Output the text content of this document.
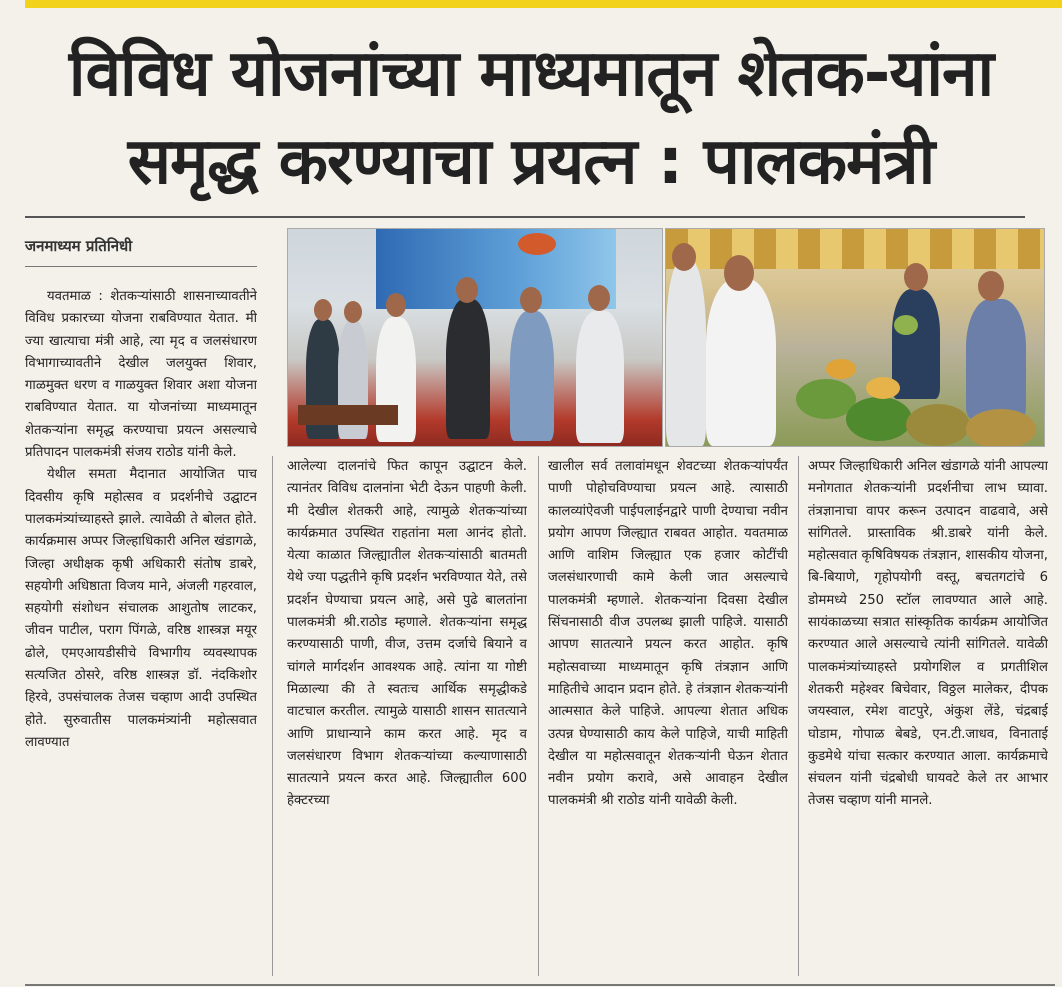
विविध योजनांच्या माध्यमातून शेतक-यांना
समृद्ध करण्याचा प्रयत्न : पालकमंत्री
जनमाध्यम प्रतिनिधी

यवतमाळ : शेतकऱ्यांसाठी शासनाच्यावतीने विविध प्रकारच्या योजना राबविण्यात येतात. मी ज्या खात्याचा मंत्री आहे, त्या मृद व जलसंधारण विभागाच्यावतीने देखील जलयुक्त शिवार, गाळमुक्त धरण व गाळयुक्त शिवार अशा योजना राबविण्यात येतात. या योजनांच्या माध्यमातून शेतकऱ्यांना समृद्ध करण्याचा प्रयत्न असल्याचे प्रतिपादन पालकमंत्री संजय राठोड यांनी केले.

येथील समता मैदानात आयोजित पाच दिवसीय कृषि महोत्सव व प्रदर्शनीचे उद्घाटन पालकमंत्र्यांच्याहस्ते झाले. त्यावेळी ते बोलत होते. कार्यक्रमास अप्पर जिल्हाधिकारी अनिल खंडागळे, जिल्हा अधीक्षक कृषी अधिकारी संतोष डाबरे, सहयोगी अधिष्ठाता विजय माने, अंजली गहरवाल, सहयोगी संशोधन संचालक आशुतोष लाटकर, जीवन पाटील, पराग पिंगळे, वरिष्ठ शास्त्रज्ञ मयूर ढोले, एमएआयडीसीचे विभागीय व्यवस्थापक सत्यजित ठोसरे, वरिष्ठ शास्त्रज्ञ डॉ. नंदकिशोर हिरवे, उपसंचालक तेजस चव्हाण आदी उपस्थित होते. सुरुवातीस पालकमंत्र्यांनी महोत्सवात लावण्यात

आलेल्या दालनांचे फित कापून उद्घाटन केले. त्यानंतर विविध दालनांना भेटी देऊन पाहणी केली. मी देखील शेतकरी आहे, त्यामुळे शेतकऱ्यांच्या कार्यक्रमात उपस्थित राहतांना मला आनंद होतो. येत्या काळात जिल्ह्यातील शेतकऱ्यांसाठी बातमती येथे ज्या पद्धतीने कृषि प्रदर्शन भरविण्यात येते, तसे प्रदर्शन घेण्याचा प्रयत्न आहे, असे पुढे बालतांना पालकमंत्री श्री.राठोड म्हणाले. शेतकऱ्यांना समृद्ध करण्यासाठी पाणी, वीज, उत्तम दर्जाचे बियाने व चांगले मार्गदर्शन आवश्यक आहे. त्यांना या गोष्टी मिळाल्या की ते स्वतःच आर्थिक समृद्धीकडे वाटचाल करतील. त्यामुळे यासाठी शासन सातत्याने आणि प्राधान्याने काम करत आहे. मृद व जलसंधारण विभाग शेतकऱ्यांच्या कल्याणासाठी सातत्याने प्रयत्न करत आहे. जिल्ह्यातील 600 हेक्टरच्या

खालील सर्व तलावांमधून शेवटच्या शेतकऱ्यांपर्यंत पाणी पोहोचविण्याचा प्रयत्न आहे. त्यासाठी कालव्यांऐवजी पाईपलाईनद्वारे पाणी देण्याचा नवीन प्रयोग आपण जिल्ह्यात राबवत आहोत. यवतमाळ आणि वाशिम जिल्ह्यात एक हजार कोटींची जलसंधारणाची कामे केली जात असल्याचे पालकमंत्री म्हणाले. शेतकऱ्यांना दिवसा देखील सिंचनासाठी वीज उपलब्ध झाली पाहिजे. यासाठी आपण सातत्याने प्रयत्न करत आहोत. कृषि महोत्सवाच्या माध्यमातून कृषि तंत्रज्ञान आणि माहितीचे आदान प्रदान होते. हे तंत्रज्ञान शेतकऱ्यांनी आत्मसात केले पाहिजे. आपल्या शेतात अधिक उत्पन्न घेण्यासाठी काय केले पाहिजे, याची माहिती देखील या महोत्सवातून शेतकऱ्यांनी घेऊन शेतात नवीन प्रयोग करावे, असे आवाहन देखील पालकमंत्री श्री राठोड यांनी यावेळी केली.

अप्पर जिल्हाधिकारी अनिल खंडागळे यांनी आपल्या मनोगतात शेतकऱ्यांनी प्रदर्शनीचा लाभ घ्यावा. तंत्रज्ञानाचा वापर करून उत्पादन वाढवावे, असे सांगितले. प्रास्ताविक श्री.डाबरे यांनी केले. महोत्सवात कृषिविषयक तंत्रज्ञान, शासकीय योजना, बि-बियाणे, गृहोपयोगी वस्तू, बचतगटांचे 6 डोममध्ये 250 स्टॉल लावण्यात आले आहे. सायंकाळच्या सत्रात सांस्कृतिक कार्यक्रम आयोजित करण्यात आले असल्याचे त्यांनी सांगितले. यावेळी पालकमंत्र्यांच्याहस्ते प्रयोगशिल व प्रगतीशिल शेतकरी महेश्वर बिचेवार, विठ्ठल मालेकर, दीपक जयस्वाल, रमेश वाटपुरे, अंकुश लेंडे, चंद्रबाई घोडाम, गोपाळ बेबडे, एन.टी.जाधव, विनाताई कुडमेथे यांचा सत्कार करण्यात आला. कार्यक्रमाचे संचलन यांनी चंद्रबोधी घायवटे केले तर आभार तेजस चव्हाण यांनी मानले.
